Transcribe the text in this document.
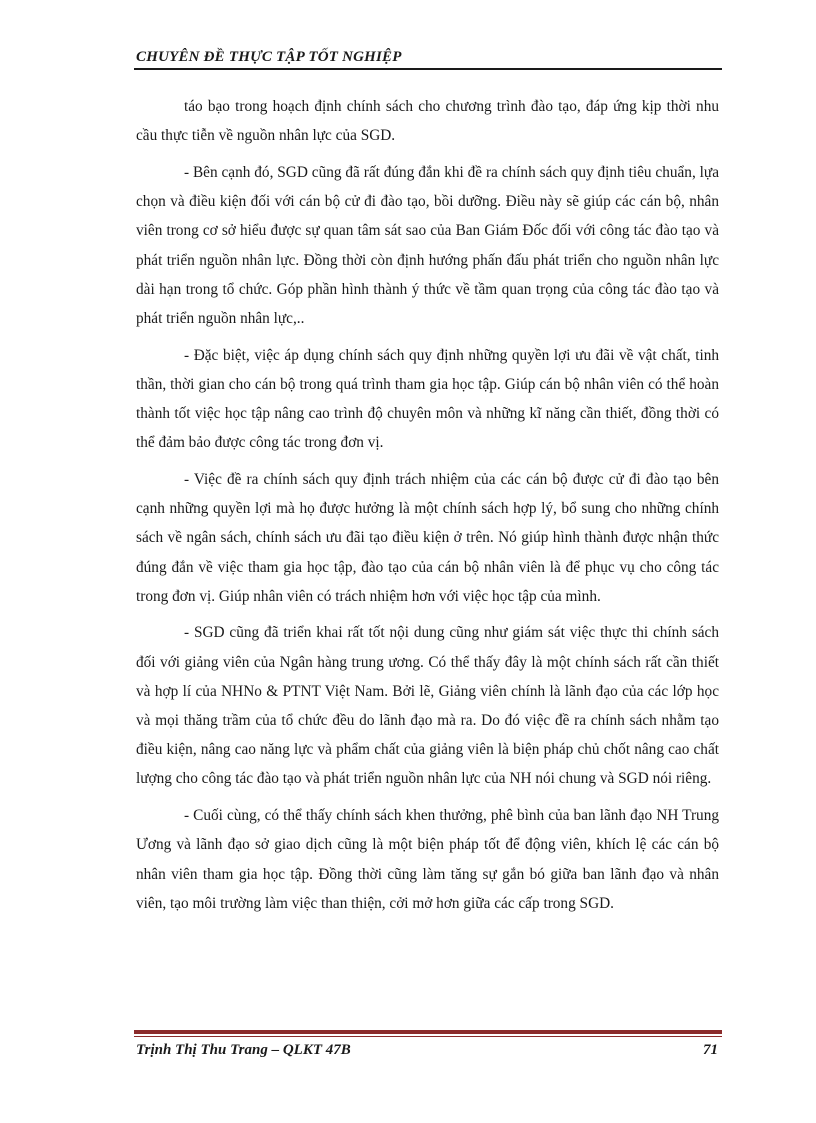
CHUYÊN ĐỀ THỰC TẬP TỐT NGHIỆP

táo bạo trong hoạch định chính sách cho chương trình đào tạo, đáp ứng kịp thời nhu cầu thực tiễn về nguồn nhân lực của SGD.

- Bên cạnh đó, SGD cũng đã rất đúng đắn khi đề ra chính sách quy định tiêu chuẩn, lựa chọn và điều kiện đối với cán bộ cử đi đào tạo, bồi dưỡng. Điều này sẽ giúp các cán bộ, nhân viên trong cơ sở hiểu được sự quan tâm sát sao của Ban Giám Đốc đối với công tác đào tạo và phát triển nguồn nhân lực. Đồng thời còn định hướng phấn đấu phát triển cho nguồn nhân lực dài hạn trong tổ chức. Góp phần hình thành ý thức về tầm quan trọng của công tác đào tạo và phát triển nguồn nhân lực,..

- Đặc biệt, việc áp dụng chính sách quy định những quyền lợi ưu đãi về vật chất, tinh thần, thời gian cho cán bộ trong quá trình tham gia học tập. Giúp cán bộ nhân viên có thể hoàn thành tốt việc học tập nâng cao trình độ chuyên môn và những kĩ năng cần thiết, đồng thời có thể đảm bảo được công tác trong đơn vị.

- Việc đề ra chính sách quy định trách nhiệm của các cán bộ được cử đi đào tạo bên cạnh những quyền lợi mà họ được hưởng là một chính sách hợp lý, bổ sung cho những chính sách về ngân sách, chính sách ưu đãi tạo điều kiện ở trên. Nó giúp hình thành được nhận thức đúng đắn về việc tham gia học tập, đào tạo của cán bộ nhân viên là để phục vụ cho công tác trong đơn vị. Giúp nhân viên có trách nhiệm hơn với việc học tập của mình.

- SGD cũng đã triển khai rất tốt nội dung cũng như giám sát việc thực thi chính sách đối với giảng viên của Ngân hàng trung ương. Có thể thấy đây là một chính sách rất cần thiết và hợp lí của NHNo & PTNT Việt Nam. Bởi lẽ, Giảng viên chính là lãnh đạo của các lớp học và mọi thăng trầm của tổ chức đều do lãnh đạo mà ra. Do đó việc đề ra chính sách nhằm tạo điều kiện, nâng cao năng lực và phẩm chất của giảng viên là biện pháp chủ chốt nâng cao chất lượng cho công tác đào tạo và phát triển nguồn nhân lực của NH nói chung và SGD nói riêng.

- Cuối cùng, có thể thấy chính sách khen thưởng, phê bình của ban lãnh đạo NH Trung Ương và lãnh đạo sở giao dịch cũng là một biện pháp tốt để động viên, khích lệ các cán bộ nhân viên tham gia học tập. Đồng thời cũng làm tăng sự gắn bó giữa ban lãnh đạo và nhân viên, tạo môi trường làm việc than thiện, cởi mở hơn giữa các cấp trong SGD.

Trịnh Thị Thu Trang – QLKT 47B	71
